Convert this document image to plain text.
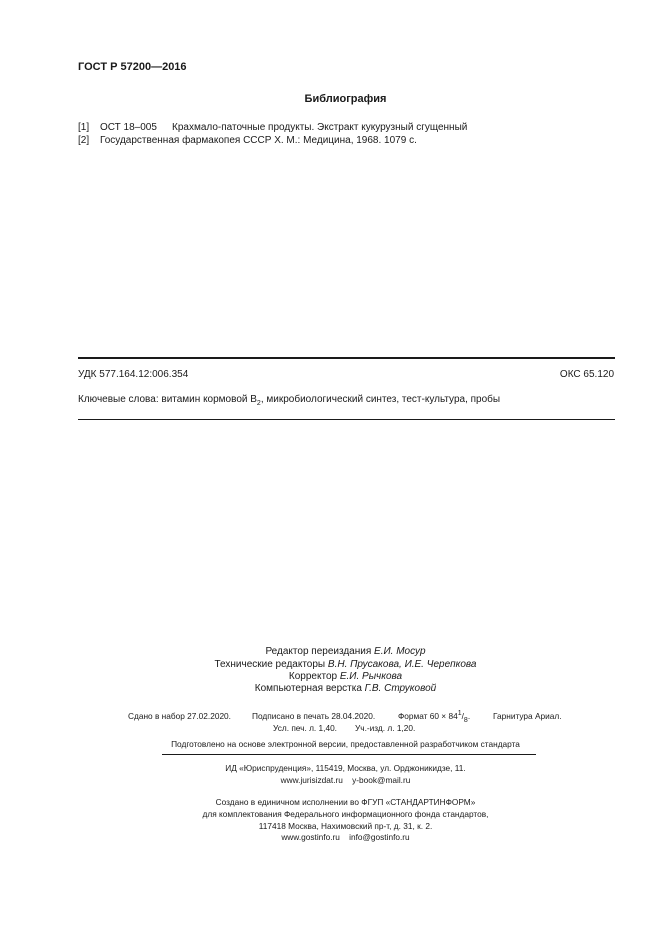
ГОСТ Р 57200—2016
Библиография
[1] ОСТ 18–005 Крахмало-паточные продукты. Экстракт кукурузный сгущенный
[2] Государственная фармакопея СССР X. М.: Медицина, 1968. 1079 с.
УДК 577.164.12:006.354	ОКС 65.120
Ключевые слова: витамин кормовой $B_2$, микробиологический синтез, тест-культура, пробы
Редактор переиздания Е.И. Мосур
Технические редакторы В.Н. Прусакова, И.Е. Черепкова
Корректор Е.И. Рычкова
Компьютерная верстка Г.В. Струковой
Сдано в набор 27.02.2020.	Подписано в печать 28.04.2020.	Формат $60 \times 84^1/_8$.	Гарнитура Ариал.
Усл. печ. л. 1,40. Уч.-изд. л. 1,20.
Подготовлено на основе электронной версии, предоставленной разработчиком стандарта
ИД «Юриспруденция», 115419, Москва, ул. Орджоникидзе, 11.
www.jurisizdat.ru y-book@mail.ru
Создано в единичном исполнении во ФГУП «СТАНДАРТИНФОРМ»
для комплектования Федерального информационного фонда стандартов,
117418 Москва, Нахимовский пр-т, д. 31, к. 2.
www.gostinfo.ru info@gostinfo.ru
